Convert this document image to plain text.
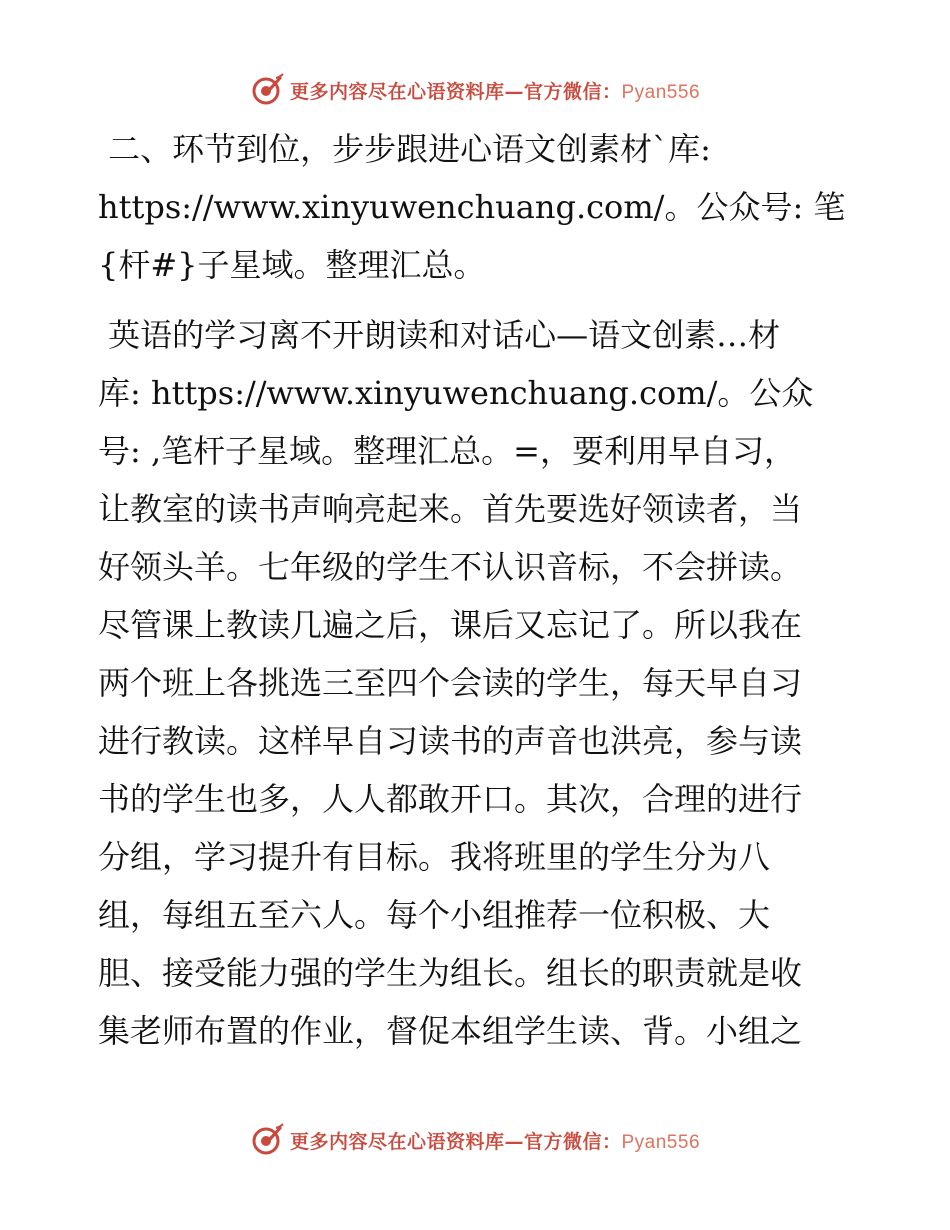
更多内容尽在心语资料库—官方微信：Pyan556

二、环节到位，步步跟进心语文创素材`库:
https://www.xinyuwenchuang.com/。公众号: 笔
{杆#}子星域。整理汇总。

英语的学习离不开朗读和对话心—语文创素…材
库: https://www.xinyuwenchuang.com/。公众
号: ,笔杆子星域。整理汇总。=，要利用早自习，
让教室的读书声响亮起来。首先要选好领读者，当
好领头羊。七年级的学生不认识音标，不会拼读。
尽管课上教读几遍之后，课后又忘记了。所以我在
两个班上各挑选三至四个会读的学生，每天早自习
进行教读。这样早自习读书的声音也洪亮，参与读
书的学生也多，人人都敢开口。其次，合理的进行
分组，学习提升有目标。我将班里的学生分为八
组，每组五至六人。每个小组推荐一位积极、大
胆、接受能力强的学生为组长。组长的职责就是收
集老师布置的作业，督促本组学生读、背。小组之

更多内容尽在心语资料库—官方微信：Pyan556
